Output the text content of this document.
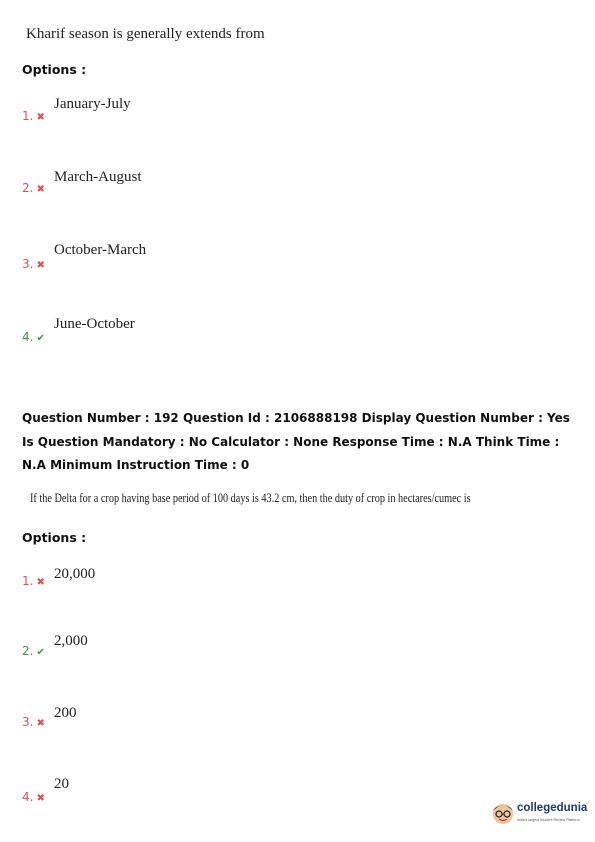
Kharif season is generally extends from
Options :
January-July
1. ✖
March-August
2. ✖
October-March
3. ✖
June-October
4. ✔
Question Number : 192 Question Id : 2106888198 Display Question Number : Yes Is Question Mandatory : No Calculator : None Response Time : N.A Think Time : N.A Minimum Instruction Time : 0
If the Delta for a crop having base period of 100 days is 43.2 cm, then the duty of crop in hectares/cumec is
Options :
20,000
1. ✖
2,000
2. ✔
200
3. ✖
20
4. ✖
collegedunia
India's largest Student Review Platform
